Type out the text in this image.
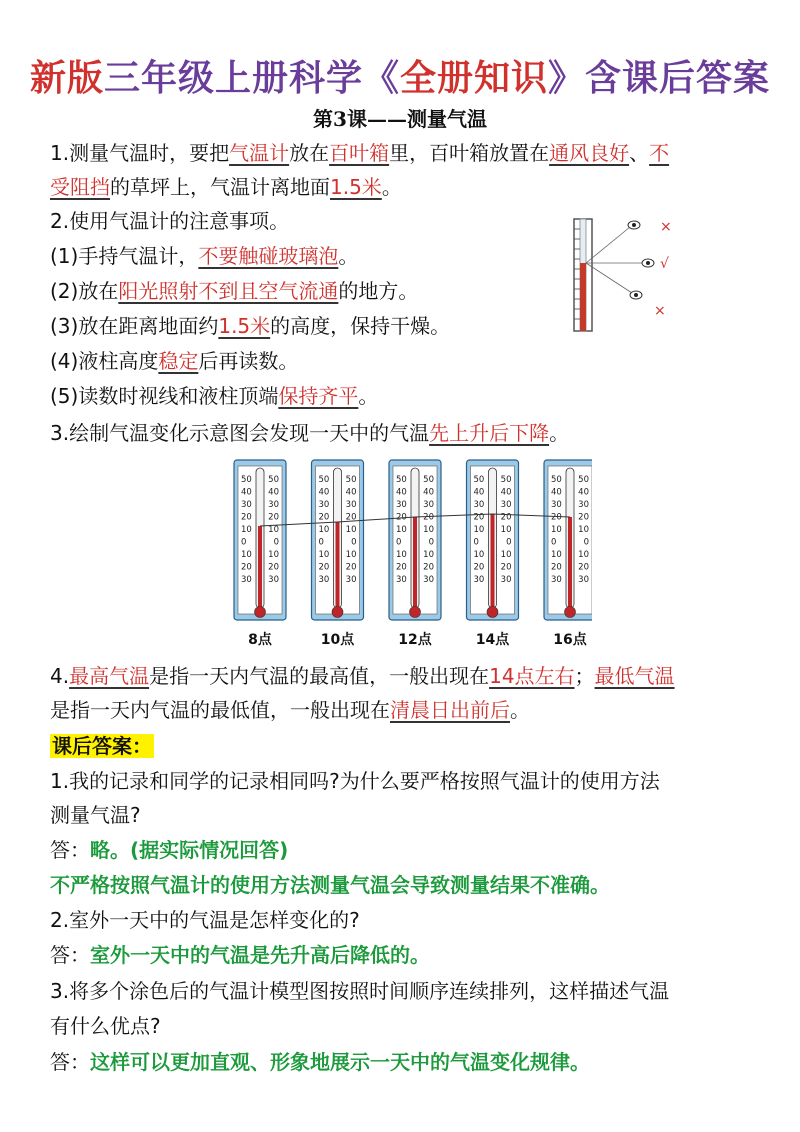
新版三年级上册科学《全册知识》含课后答案
第3课——测量气温
1.测量气温时，要把气温计放在百叶箱里，百叶箱放置在通风良好、不
受阻挡的草坪上，气温计离地面1.5米。
2.使用气温计的注意事项。
(1)手持气温计，不要触碰玻璃泡。
(2)放在阳光照射不到且空气流通的地方。
(3)放在距离地面约1.5米的高度，保持干燥。
(4)液柱高度稳定后再读数。
(5)读数时视线和液柱顶端保持齐平。
3.绘制气温变化示意图会发现一天中的气温先上升后下降。
×
√
×
50 50
40 40
30 30
20 20
10 10
0	0
10 10
20 20
30 30
8点
50 50
40 40
30 30
20 20
10 10
0	0
10 10
20 20
30 30
10点
50 50
40 40
30 30
20 20
10 10
0	0
10 10
20 20
30 30
12点
50 50
40 40
30 30
20 20
10 10
0	0
10 10
20 20
30 30
14点
50 50
40 40
30 30
20 20
10 10
0	0
10 10
20 20
30 30
16点
4.最高气温是指一天内气温的最高值，一般出现在14点左右；最低气温
是指一天内气温的最低值，一般出现在清晨日出前后。
课后答案：
1.我的记录和同学的记录相同吗?为什么要严格按照气温计的使用方法
测量气温?
答：略。(据实际情况回答)
不严格按照气温计的使用方法测量气温会导致测量结果不准确。
2.室外一天中的气温是怎样变化的?
答：室外一天中的气温是先升高后降低的。
3.将多个涂色后的气温计模型图按照时间顺序连续排列，这样描述气温
有什么优点?
答：这样可以更加直观、形象地展示一天中的气温变化规律。
